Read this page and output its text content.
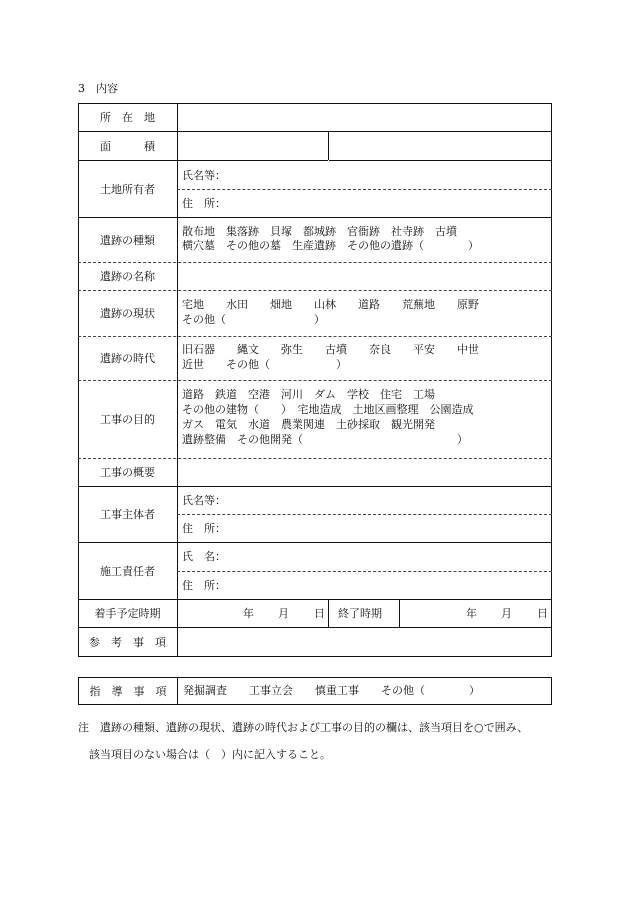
3　内容
所　在　地
面　　　積
土地所有者
遺跡の種類
遺跡の名称
遺跡の現状
遺跡の時代
工事の目的
工事の概要
工事主体者
施工責任者
着手予定時期
参　考　事　項
氏名等：
住　所：
散布地　集落跡　貝塚　都城跡　官衙跡　社寺跡　古墳
横穴墓　その他の墓　生産遺跡　その他の遺跡（　　　　）
宅地　　水田　　畑地　　山林　　道路　　荒蕪地　　原野
その他（　　　　　　　　）
旧石器　　縄文　　弥生　　古墳　　奈良　　平安　　中世
近世　　その他（　　　　　　）
道路　鉄道　空港　河川　ダム　学校　住宅　工場
その他の建物（　　）　宅地造成　土地区画整理　公園造成
ガス　電気　水道　農業関連　土砂採取　観光開発
遺跡整備　その他開発（　　　　　　　　　　　　　　）
氏名等：
住　所：
氏　名：
住　所：
年 月 日 終了時期	年 月 日
指　導　事　項	発掘調査　　工事立会　　慎重工事　　その他（　　　　）
注　遺跡の種類、遺跡の現状、遺跡の時代および工事の目的の欄は、該当項目を○で囲み、
　該当項目のない場合は（　）内に記入すること。
